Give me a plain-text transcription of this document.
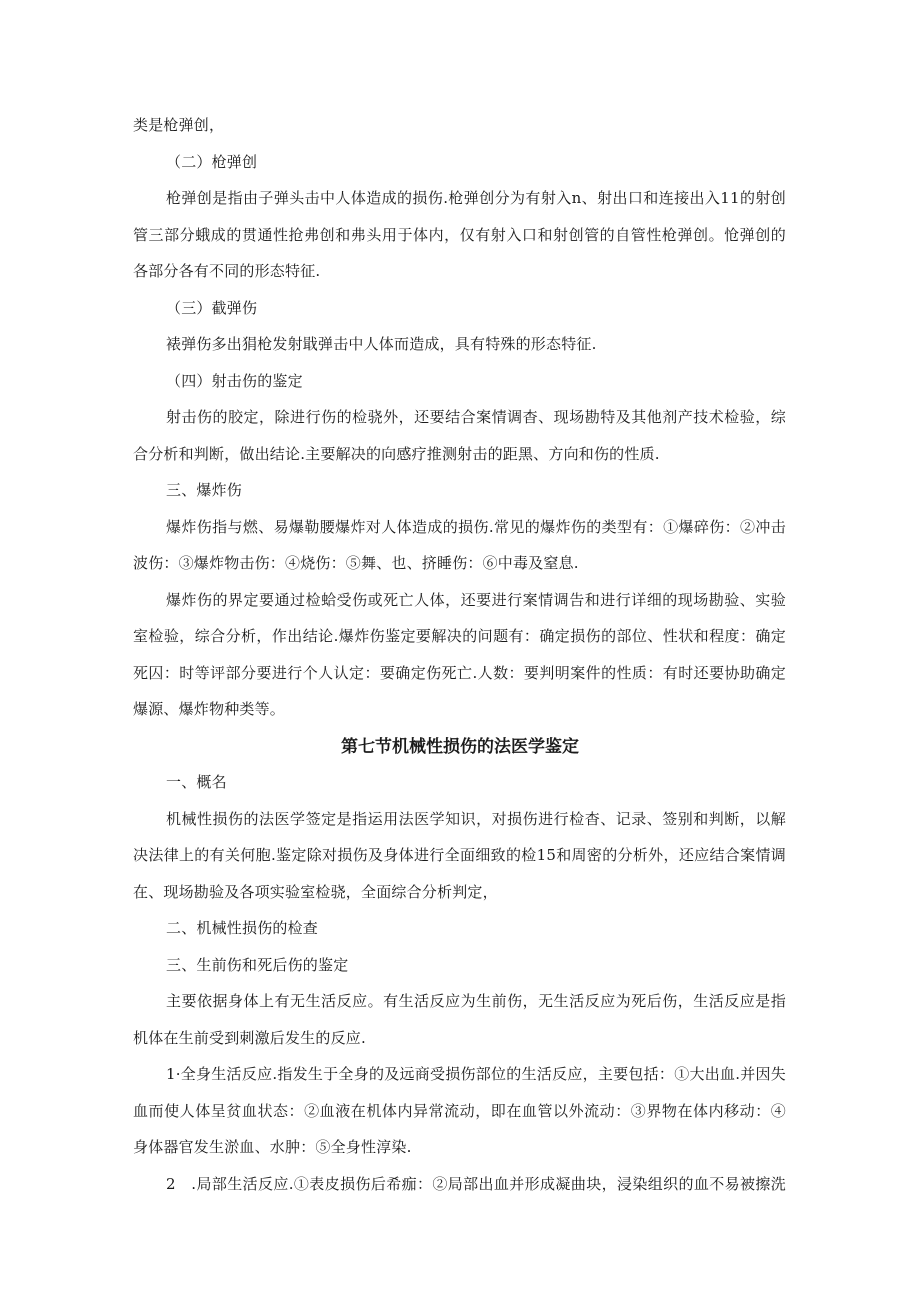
类是枪弹创，
（二）枪弹创
枪弹创是指由子弹头击中人体造成的损伤.枪弹创分为有射入n、射出口和连接出入11的射创
管三部分蛾成的贯通性抢弗创和弗头用于体内，仅有射入口和射创管的自管性枪弹创。怆弹创的
各部分各有不同的形态特征.
（三）截弹伤
裱弹伤多出狷枪发射戢弹击中人体而造成，具有特殊的形态特征.
（四）射击伤的鉴定
射击伤的胶定，除进行伤的检骁外，还要结合案情调杳、现场勘特及其他剂产技术检验，综
合分析和判断，做出结论.主要解决的向感疗推测射击的距黑、方向和伤的性质.
三、爆炸伤
爆炸伤指与燃、易爆勒腰爆炸对人体造成的损伤.常见的爆炸伤的类型有：①爆碎伤：②冲击
波伤：③爆炸物击伤：④烧伤：⑤舞、也、挤睡伤：⑥中毒及窒息.
爆炸伤的界定要通过检蛤受伤或死亡人体，还要进行案情调告和进行详细的现场勘验、实验
室检验，综合分析，作出结论.爆炸伤鉴定要解决的问题有：确定损伤的部位、性状和程度：确定
死囚：时等评部分要进行个人认定：要确定伤死亡.人数：要判明案件的性质：有时还要协助确定
爆源、爆炸物种类等。
第七节机械性损伤的法医学鉴定
一、概名
机械性损伤的法医学签定是指运用法医学知识，对损伤进行检杳、记录、签别和判断，以解
决法律上的有关何胞.鉴定除对损伤及身体进行全面细致的检15和周密的分析外，还应结合案情调
在、现场勘验及各项实验室检骁，全面综合分析判定，
二、机械性损伤的检查
三、生前伤和死后伤的鉴定
主要依据身体上有无生活反应。有生活反应为生前伤，无生活反应为死后伤，生活反应是指
机体在生前受到刺激后发生的反应.
1·全身生活反应.指发生于全身的及远商受损伤部位的生活反应，主要包括：①大出血.并因失
血而使人体呈贫血状态：②血液在机体内异常流动，即在血管以外流动：③界物在体内移动：④
身体器官发生淤血、水肿：⑤全身性淳染.
2　.局部生活反应.①表皮损伤后希痂：②局部出血并形成凝曲块，浸染组织的血不易被擦洗
